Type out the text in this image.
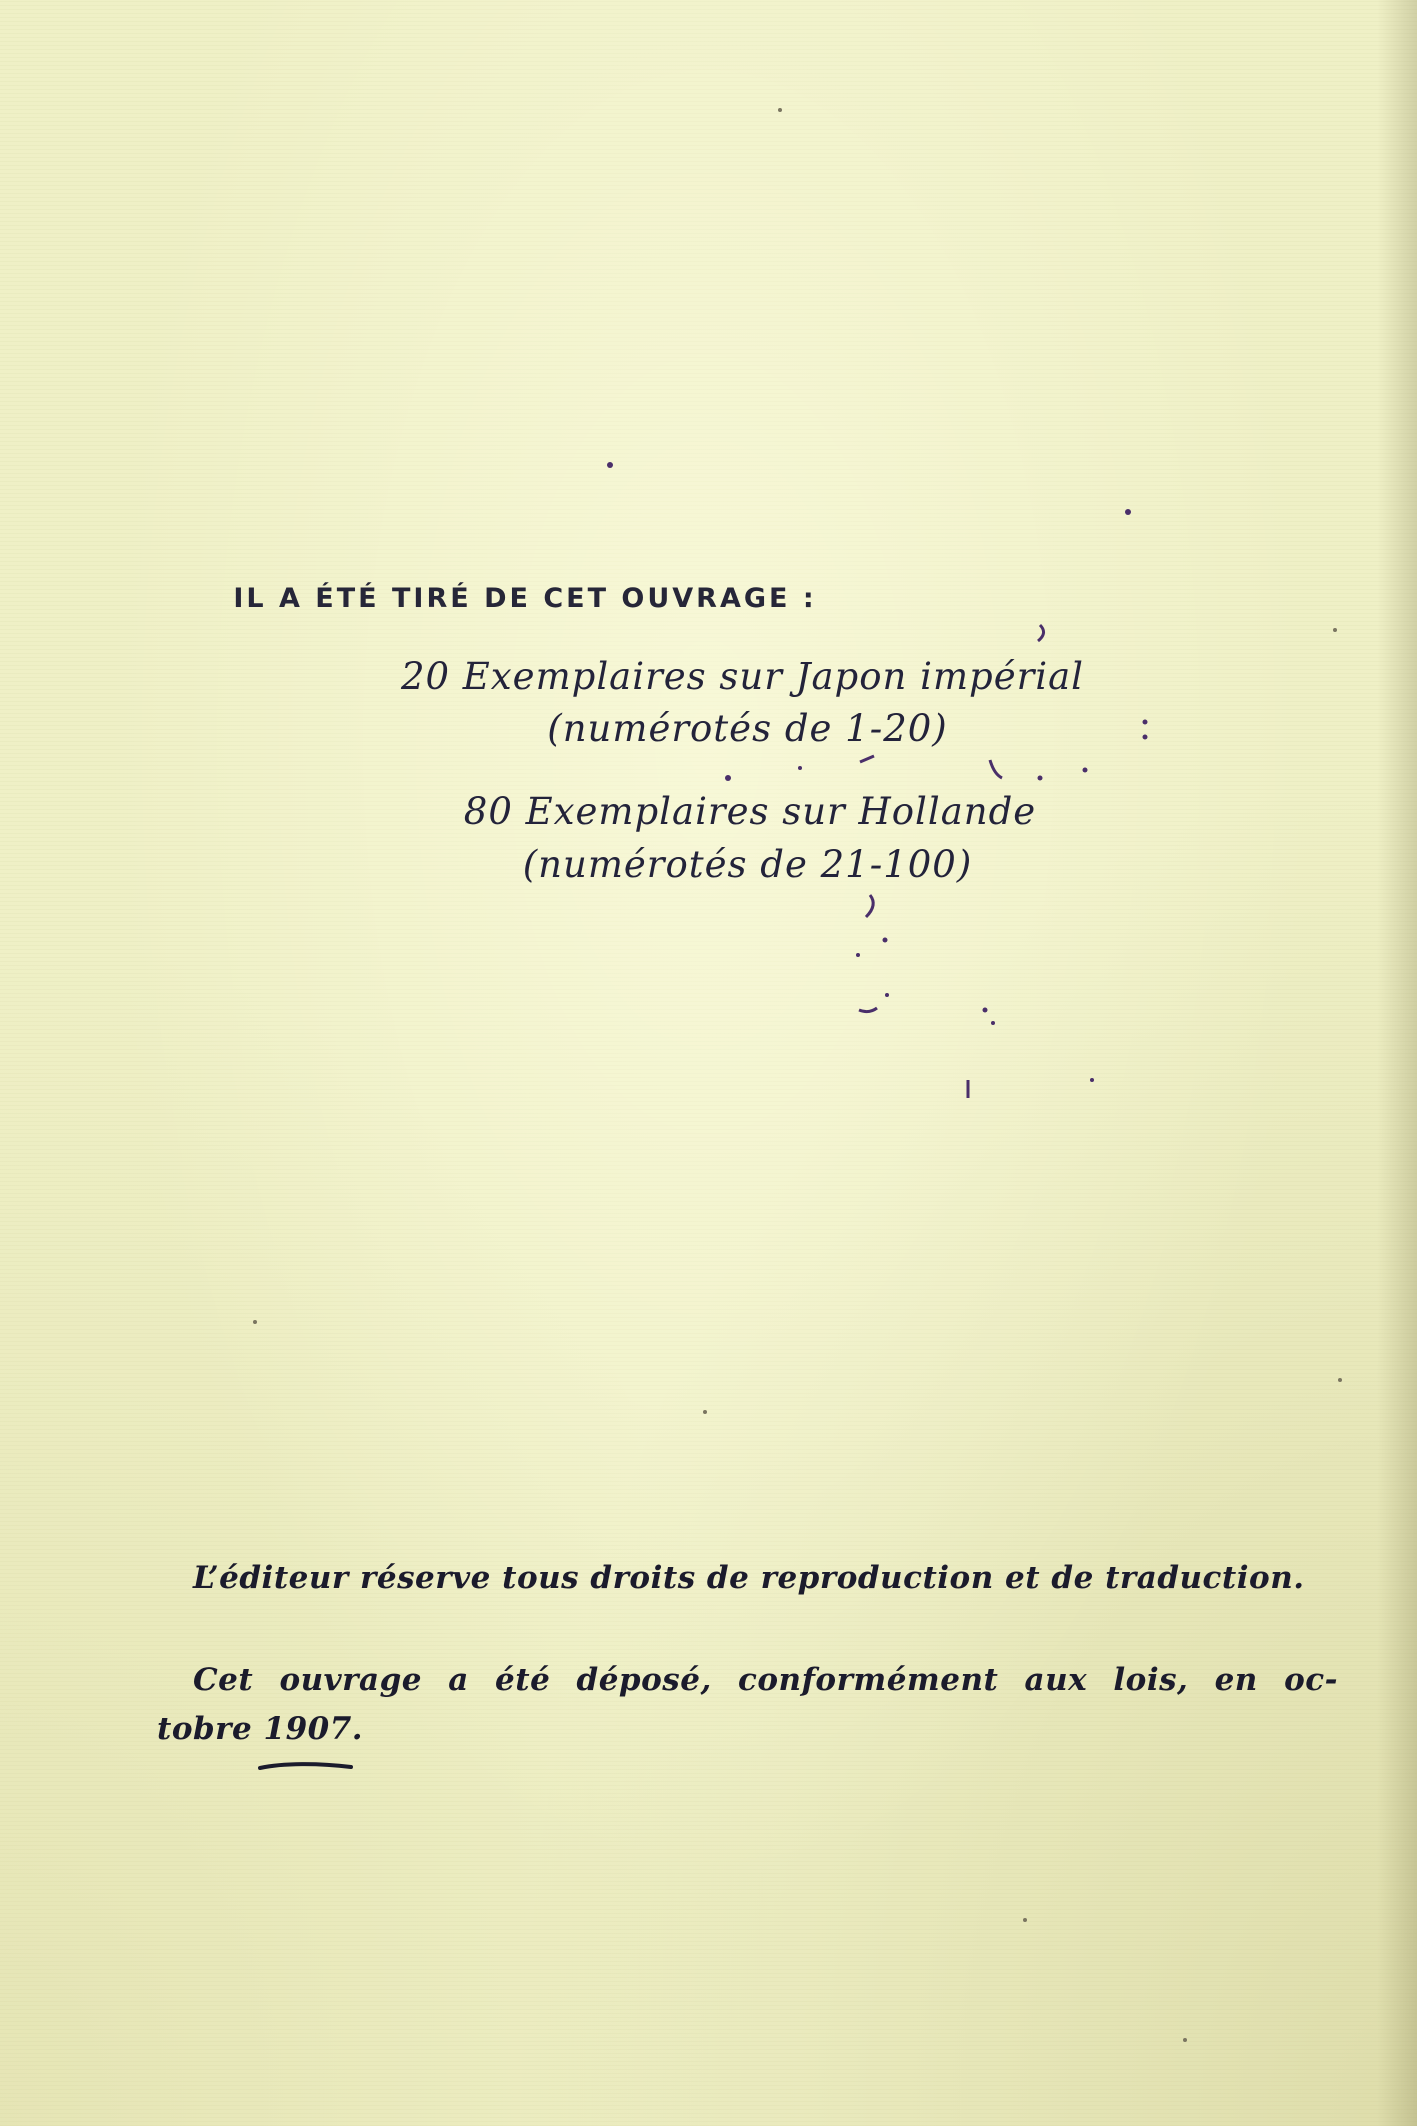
IL A ÉTÉ TIRÉ DE CET OUVRAGE :
20 Exemplaires sur Japon impérial
(numérotés de 1-20)
80 Exemplaires sur Hollande
(numérotés de 21-100)
L’éditeur réserve tous droits de reproduction et de traduction.
Cet ouvrage a été déposé, conformément aux lois, en oc-
tobre 1907.
